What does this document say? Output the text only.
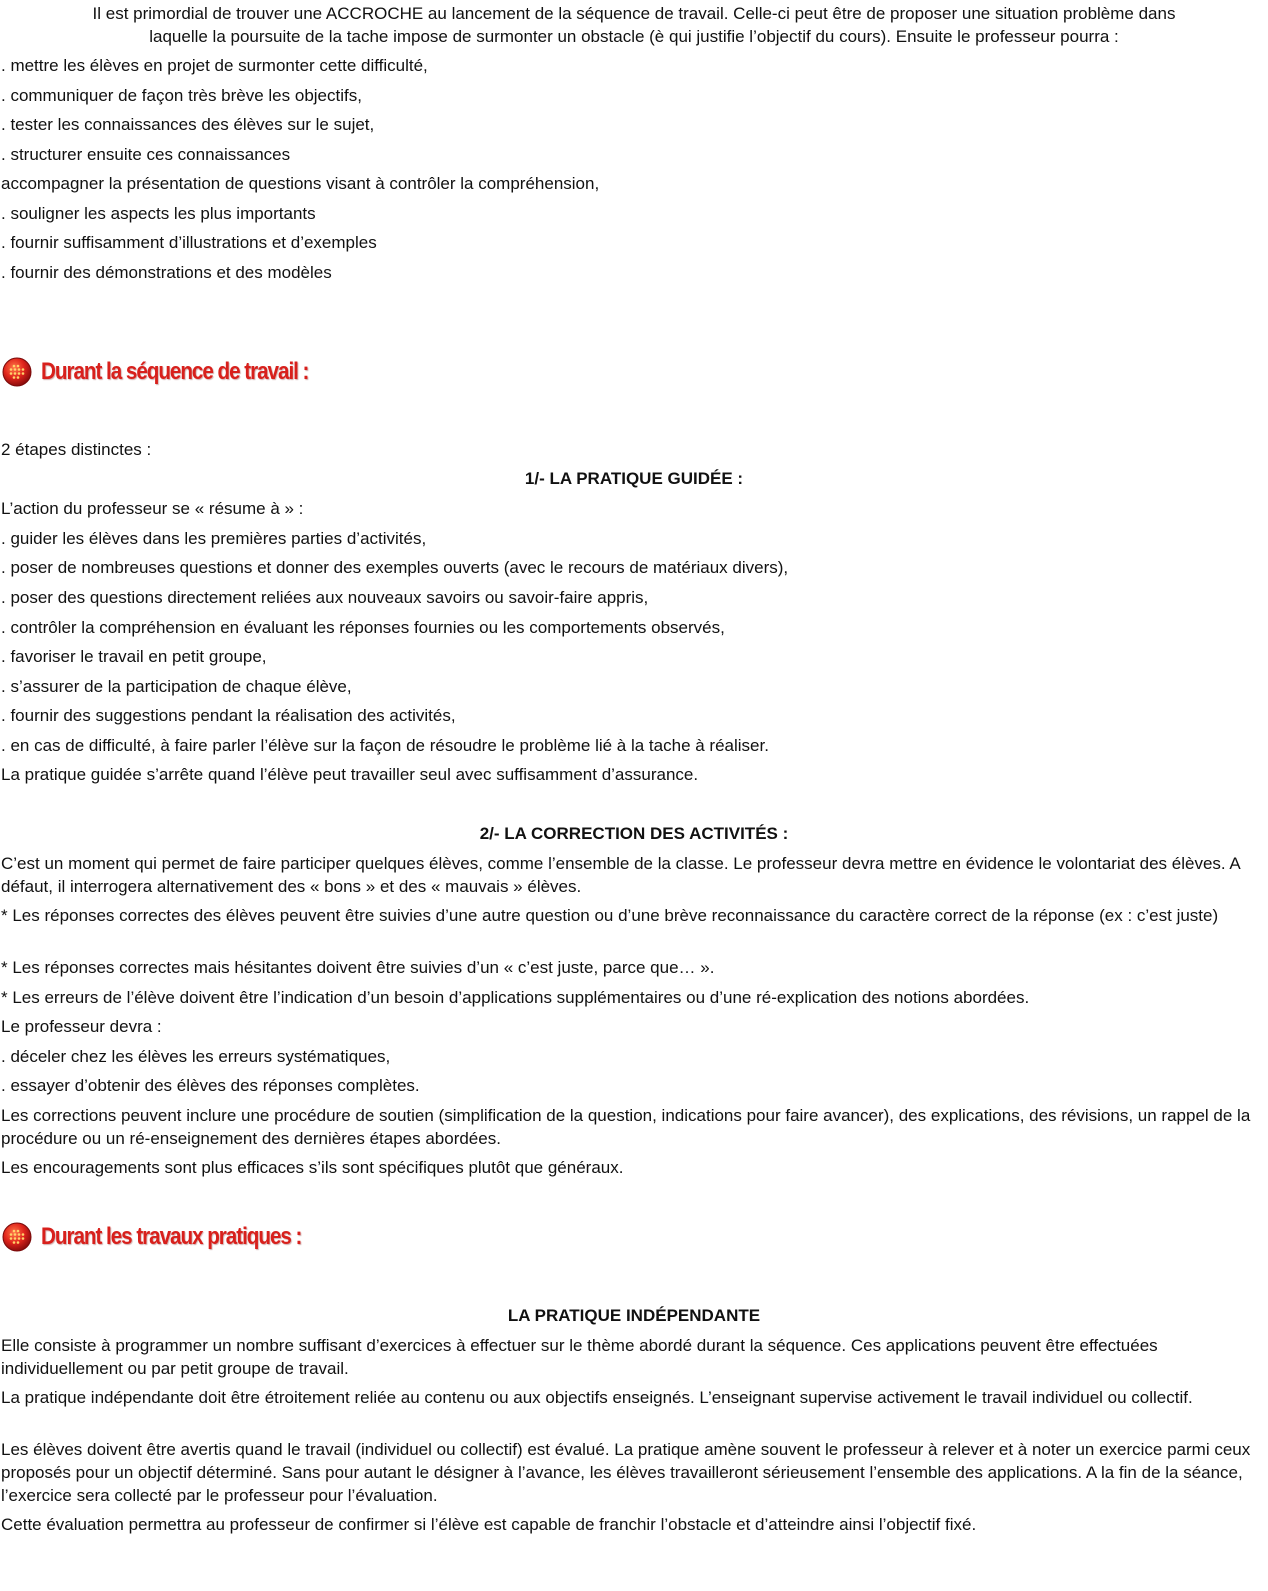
Il est primordial de trouver une ACCROCHE au lancement de la séquence de travail. Celle-ci peut être de proposer une situation problème dans

laquelle la poursuite de la tache impose de surmonter un obstacle (è qui justifie l’objectif du cours). Ensuite le professeur pourra :

. mettre les élèves en projet de surmonter cette difficulté,

. communiquer de façon très brève les objectifs,

. tester les connaissances des élèves sur le sujet,

. structurer ensuite ces connaissances

accompagner la présentation de questions visant à contrôler la compréhension,

. souligner les aspects les plus importants

. fournir suffisamment d’illustrations et d’exemples

. fournir des démonstrations et des modèles

Durant la séquence de travail :

2 étapes distinctes :

1/- LA PRATIQUE GUIDÉE :

L’action du professeur se « résume à » :

. guider les élèves dans les premières parties d’activités,

. poser de nombreuses questions et donner des exemples ouverts (avec le recours de matériaux divers),

. poser des questions directement reliées aux nouveaux savoirs ou savoir-faire appris,

. contrôler la compréhension en évaluant les réponses fournies ou les comportements observés,

. favoriser le travail en petit groupe,

. s’assurer de la participation de chaque élève,

. fournir des suggestions pendant la réalisation des activités,

. en cas de difficulté, à faire parler l’élève sur la façon de résoudre le problème lié à la tache à réaliser.

La pratique guidée s’arrête quand l’élève peut travailler seul avec suffisamment d’assurance.

2/- LA CORRECTION DES ACTIVITÉS :

C’est un moment qui permet de faire participer quelques élèves, comme l’ensemble de la classe. Le professeur devra mettre en évidence le volontariat des élèves. A défaut, il interrogera alternativement des « bons » et des « mauvais » élèves.

* Les réponses correctes des élèves peuvent être suivies d’une autre question ou d’une brève reconnaissance du caractère correct de la réponse (ex : c’est juste)

* Les réponses correctes mais hésitantes doivent être suivies d’un « c’est juste, parce que… ».

* Les erreurs de l’élève doivent être l’indication d’un besoin d’applications supplémentaires ou d’une ré-explication des notions abordées.

Le professeur devra :

. déceler chez les élèves les erreurs systématiques,

. essayer d’obtenir des élèves des réponses complètes.

Les corrections peuvent inclure une procédure de soutien (simplification de la question, indications pour faire avancer), des explications, des révisions, un rappel de la procédure ou un ré-enseignement des dernières étapes abordées.

Les encouragements sont plus efficaces s’ils sont spécifiques plutôt que généraux.

Durant les travaux pratiques :

LA PRATIQUE INDÉPENDANTE

Elle consiste à programmer un nombre suffisant d’exercices à effectuer sur le thème abordé durant la séquence. Ces applications peuvent être effectuées individuellement ou par petit groupe de travail.

La pratique indépendante doit être étroitement reliée au contenu ou aux objectifs enseignés. L’enseignant supervise activement le travail individuel ou collectif.

Les élèves doivent être avertis quand le travail (individuel ou collectif) est évalué. La pratique amène souvent le professeur à relever et à noter un exercice parmi ceux proposés pour un objectif déterminé. Sans pour autant le désigner à l’avance, les élèves travailleront sérieusement l’ensemble des applications. A la fin de la séance, l’exercice sera collecté par le professeur pour l’évaluation.

Cette évaluation permettra au professeur de confirmer si l’élève est capable de franchir l’obstacle et d’atteindre ainsi l’objectif fixé.
